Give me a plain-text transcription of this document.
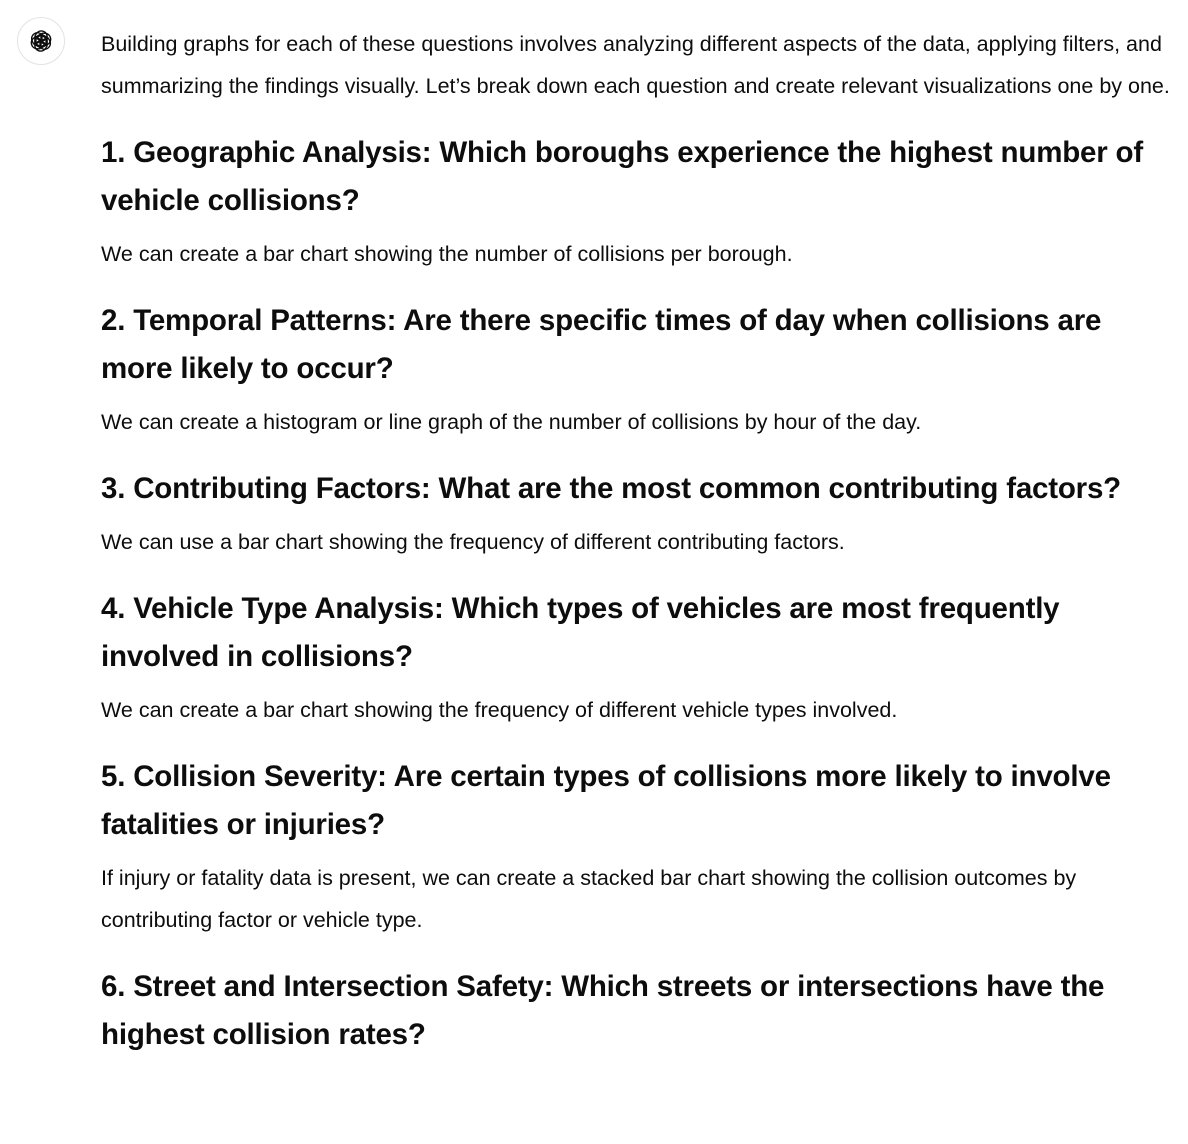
Building graphs for each of these questions involves analyzing different aspects of the data, applying filters, and summarizing the findings visually. Let’s break down each question and create relevant visualizations one by one.

1. Geographic Analysis: Which boroughs experience the highest number of vehicle collisions?

We can create a bar chart showing the number of collisions per borough.

2. Temporal Patterns: Are there specific times of day when collisions are more likely to occur?

We can create a histogram or line graph of the number of collisions by hour of the day.

3. Contributing Factors: What are the most common contributing factors?

We can use a bar chart showing the frequency of different contributing factors.

4. Vehicle Type Analysis: Which types of vehicles are most frequently involved in collisions?

We can create a bar chart showing the frequency of different vehicle types involved.

5. Collision Severity: Are certain types of collisions more likely to involve fatalities or injuries?

If injury or fatality data is present, we can create a stacked bar chart showing the collision outcomes by contributing factor or vehicle type.

6. Street and Intersection Safety: Which streets or intersections have the highest collision rates?
